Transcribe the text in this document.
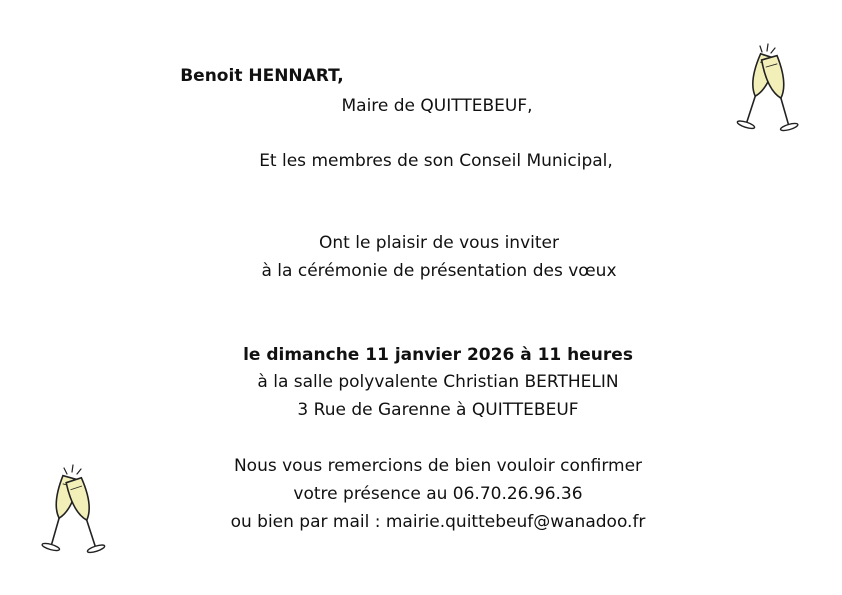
Benoit HENNART,
Maire de QUITTEBEUF,
Et les membres de son Conseil Municipal,
Ont le plaisir de vous inviter
à la cérémonie de présentation des vœux
le dimanche 11 janvier 2026 à 11 heures
à la salle polyvalente Christian BERTHELIN
3 Rue de Garenne à QUITTEBEUF
Nous vous remercions de bien vouloir confirmer
votre présence au 06.70.26.96.36
ou bien par mail : mairie.quittebeuf@wanadoo.fr
